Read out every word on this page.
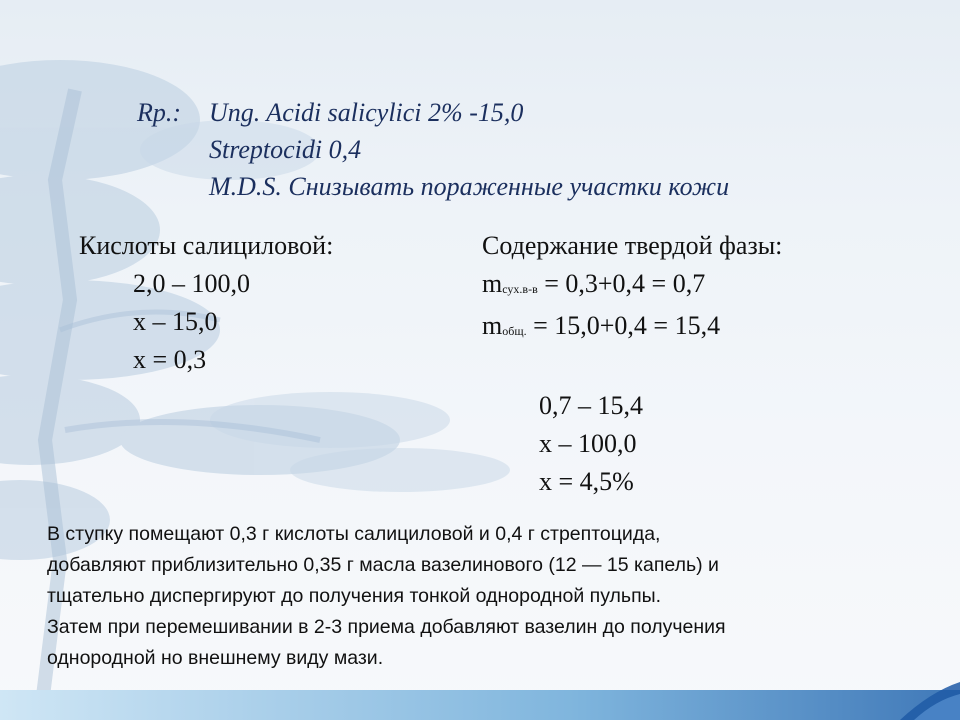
Rp.:	Ung. Acidi salicylici 2% -15,0
Streptocidi 0,4
M.D.S. Снизывать пораженные участки кожи
Кислоты салициловой:
2,0 – 100,0
x – 15,0
x = 0,3
Содержание твердой фазы:
$m_{сух.в-в} = 0,3+0,4 = 0,7$
$m_{общ.} = 15,0+0,4 = 15,4$
0,7 – 15,4
x – 100,0
x = 4,5%

В ступку помещают 0,3 г кислоты салициловой и 0,4 г стрептоцида,

добавляют приблизительно 0,35 г масла вазелинового (12 — 15 капель) и

тщательно диспергируют до получения тонкой однородной пульпы.

Затем при перемешивании в 2-3 приема добавляют вазелин до получения

однородной но внешнему виду мази.
